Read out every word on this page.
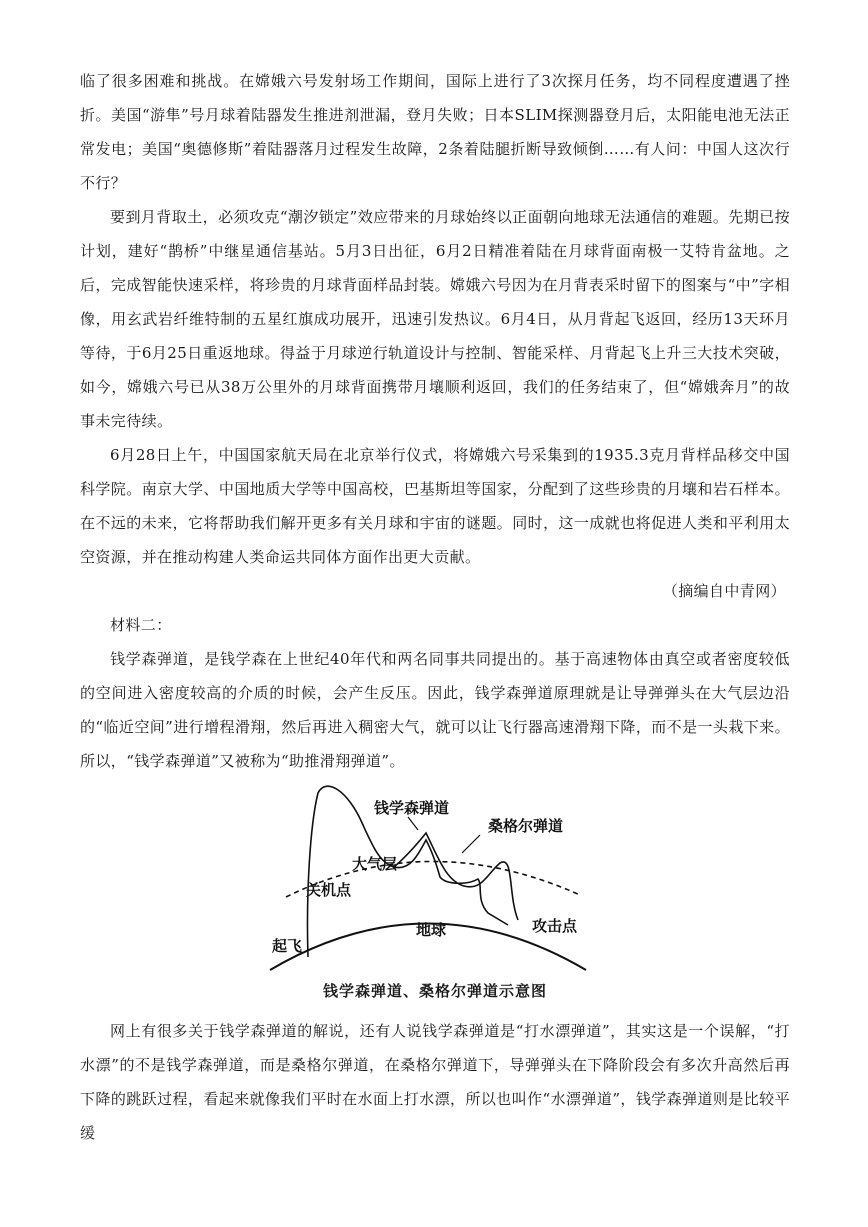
临了很多困难和挑战。在嫦娥六号发射场工作期间，国际上进行了3次探月任务，均不同程度遭遇了挫折。美国“游隼”号月球着陆器发生推进剂泄漏，登月失败；日本SLIM探测器登月后，太阳能电池无法正常发电；美国“奥德修斯”着陆器落月过程发生故障，2条着陆腿折断导致倾倒……有人问：中国人这次行不行？

要到月背取土，必须攻克“潮汐锁定”效应带来的月球始终以正面朝向地球无法通信的难题。先期已按计划，建好“鹊桥”中继星通信基站。5月3日出征，6月2日精准着陆在月球背面南极一艾特肯盆地。之后，完成智能快速采样，将珍贵的月球背面样品封装。嫦娥六号因为在月背表采时留下的图案与“中”字相像，用玄武岩纤维特制的五星红旗成功展开，迅速引发热议。6月4日，从月背起飞返回，经历13天环月等待，于6月25日重返地球。得益于月球逆行轨道设计与控制、智能采样、月背起飞上升三大技术突破，如今，嫦娥六号已从38万公里外的月球背面携带月壤顺利返回，我们的任务结束了，但“嫦娥奔月”的故事未完待续。

6月28日上午，中国国家航天局在北京举行仪式，将嫦娥六号采集到的1935.3克月背样品移交中国科学院。南京大学、中国地质大学等中国高校，巴基斯坦等国家，分配到了这些珍贵的月壤和岩石样本。在不远的未来，它将帮助我们解开更多有关月球和宇宙的谜题。同时，这一成就也将促进人类和平利用太空资源，并在推动构建人类命运共同体方面作出更大贡献。

（摘编自中青网）

材料二：

钱学森弹道，是钱学森在上世纪40年代和两名同事共同提出的。基于高速物体由真空或者密度较低的空间进入密度较高的介质的时候，会产生反压。因此，钱学森弹道原理就是让导弹弹头在大气层边沿的“临近空间”进行增程滑翔，然后再进入稠密大气，就可以让飞行器高速滑翔下降，而不是一头栽下来。所以，“钱学森弹道”又被称为“助推滑翔弹道”。

钱学森弹道
桑格尔弹道
大气层
关机点
地球	攻击点
起飞
钱学森弹道、桑格尔弹道示意图

网上有很多关于钱学森弹道的解说，还有人说钱学森弹道是“打水漂弹道”，其实这是一个误解，“打水漂”的不是钱学森弹道，而是桑格尔弹道，在桑格尔弹道下，导弹弹头在下降阶段会有多次升高然后再下降的跳跃过程，看起来就像我们平时在水面上打水漂，所以也叫作“水漂弹道”，钱学森弹道则是比较平缓
